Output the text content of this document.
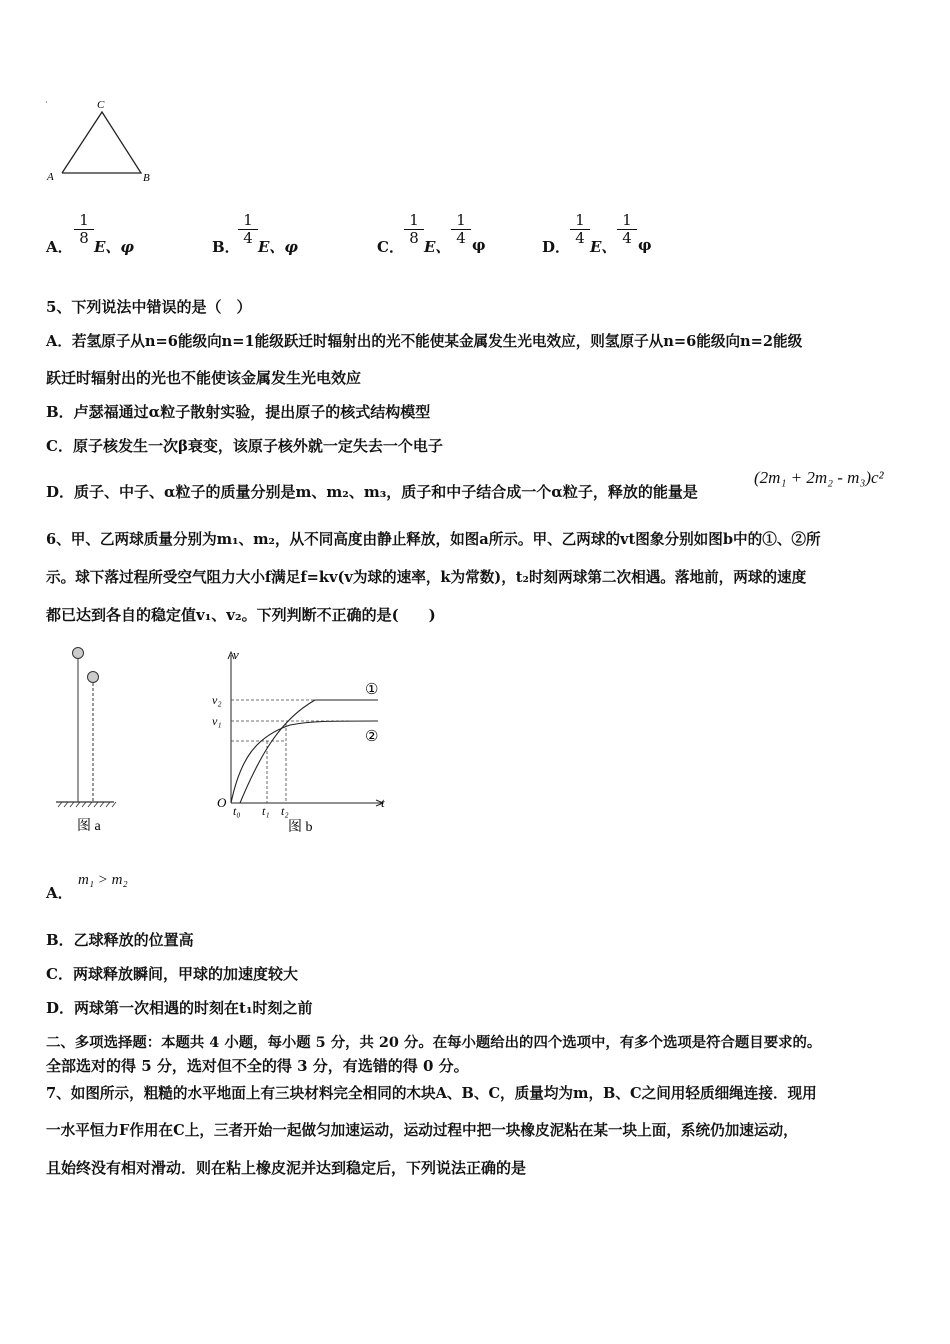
C
A	B
·
A． $\frac{1}{8}$ E、φ	B．
$\frac{1}{4}$ E、φ	C． $\frac{1}{8}$ E、 $\frac{1}{4}$ φ	D． $\frac{1}{4}$ E、 $\frac{1}{4}$ φ
5、下列说法中错误的是（　）
A．若氢原子从n=6能级向n=1能级跃迁时辐射出的光不能使某金属发生光电效应，则氢原子从n=6能级向n=2能级
跃迁时辐射出的光也不能使该金属发生光电效应
B．卢瑟福通过α粒子散射实验，提出原子的核式结构模型
C．原子核发生一次β衰变，该原子核外就一定失去一个电子
D．质子、中子、α粒子的质量分别是m、m₂、m₃，质子和中子结合成一个α粒子，释放的能量是
(2m₁ + 2m₂ - m₃)c²
6、甲、乙两球质量分别为m₁、m₂，从不同高度由静止释放，如图a所示。甲、乙两球的vt图象分别如图b中的①、②所
示。球下落过程所受空气阻力大小f满足f=kv(v为球的速率，k为常数)，t₂时刻两球第二次相遇。落地前，两球的速度
都已达到各自的稳定值v₁、v₂。下列判断不正确的是(　　)
图 a
v
t
O
v₂
v₁
t₀ t₁ t₂
①
②
图 b
A．
m₁ > m₂
B．乙球释放的位置高
C．两球释放瞬间，甲球的加速度较大
D．两球第一次相遇的时刻在t₁时刻之前
二、多项选择题：本题共 4 小题，每小题 5 分，共 20 分。在每小题给出的四个选项中，有多个选项是符合题目要求的。
全部选对的得 5 分，选对但不全的得 3 分，有选错的得 0 分。
7、如图所示，粗糙的水平地面上有三块材料完全相同的木块A、B、C，质量均为m，B、C之间用轻质细绳连接．现用
一水平恒力F作用在C上，三者开始一起做匀加速运动，运动过程中把一块橡皮泥粘在某一块上面，系统仍加速运动，
且始终没有相对滑动．则在粘上橡皮泥并达到稳定后，下列说法正确的是
